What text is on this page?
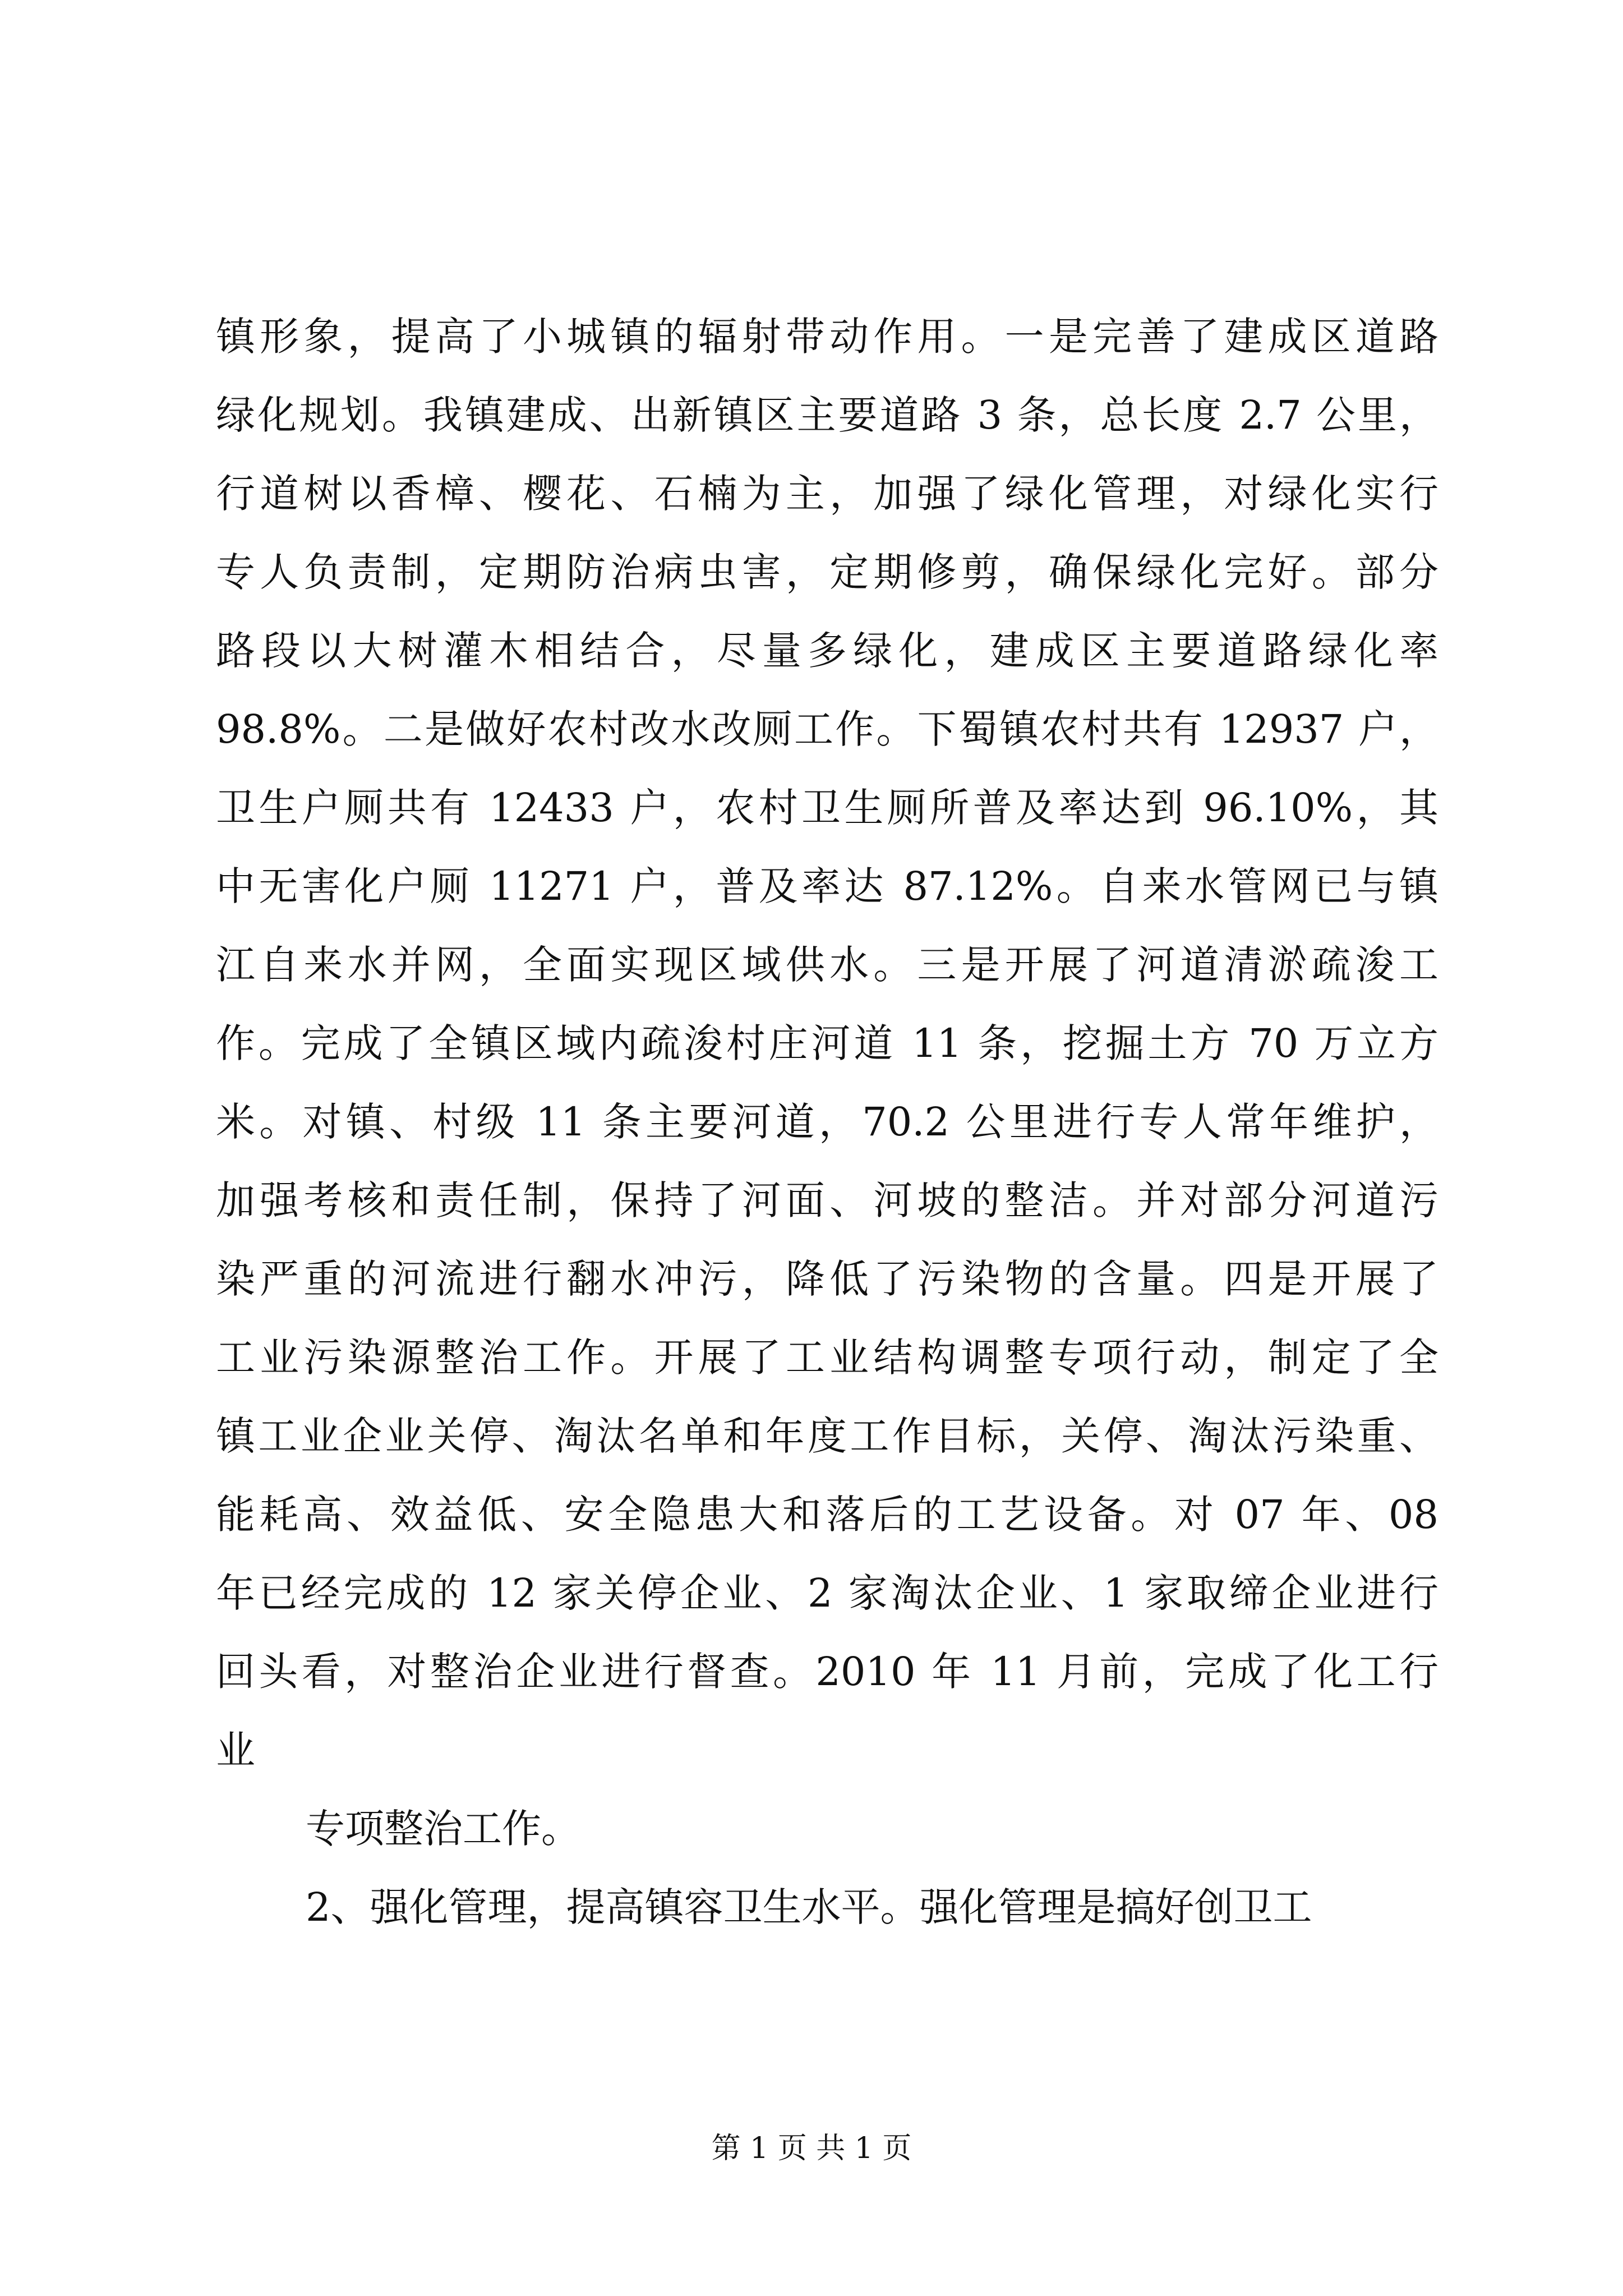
镇形象，提高了小城镇的辐射带动作用。一是完善了建成区道路
绿化规划。我镇建成、出新镇区主要道路 3 条，总长度 2.7 公里，
行道树以香樟、樱花、石楠为主，加强了绿化管理，对绿化实行
专人负责制，定期防治病虫害，定期修剪，确保绿化完好。部分
路段以大树灌木相结合，尽量多绿化，建成区主要道路绿化率
98.8%。二是做好农村改水改厕工作。下蜀镇农村共有 12937 户，
卫生户厕共有 12433 户，农村卫生厕所普及率达到 96.10%，其
中无害化户厕 11271 户，普及率达 87.12%。自来水管网已与镇
江自来水并网，全面实现区域供水。三是开展了河道清淤疏浚工
作。完成了全镇区域内疏浚村庄河道 11 条，挖掘土方 70 万立方
米。对镇、村级 11 条主要河道，70.2 公里进行专人常年维护，
加强考核和责任制，保持了河面、河坡的整洁。并对部分河道污
染严重的河流进行翻水冲污，降低了污染物的含量。四是开展了
工业污染源整治工作。开展了工业结构调整专项行动，制定了全
镇工业企业关停、淘汰名单和年度工作目标，关停、淘汰污染重、
能耗高、效益低、安全隐患大和落后的工艺设备。对 07 年、08
年已经完成的 12 家关停企业、2 家淘汰企业、1 家取缔企业进行
回头看，对整治企业进行督查。2010 年 11 月前，完成了化工行
业
专项整治工作。
2、强化管理，提高镇容卫生水平。强化管理是搞好创卫工
第 1 页 共 1 页
